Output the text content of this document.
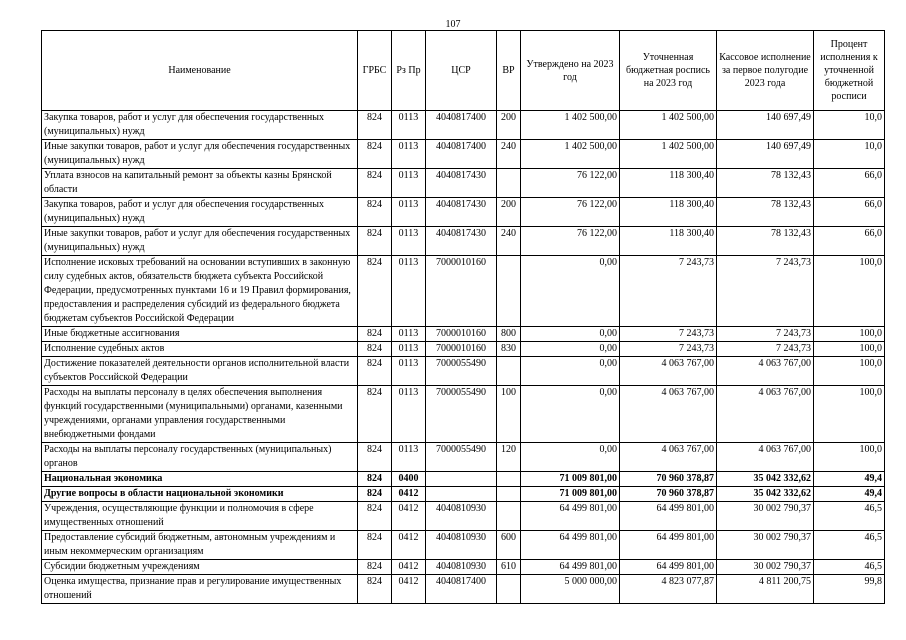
107
Наименование	ГРБС	Рз Пр	ЦСР	ВР	Утверждено на 2023 год	Уточненная бюджетная роспись на 2023 год	Кассовое исполнение за первое полугодие 2023 года	Процент исполнения к уточненной бюджетной росписи
Закупка товаров, работ и услуг для обеспечения государственных (муниципальных) нужд	824	0113	4040817400	200	1 402 500,00	1 402 500,00	140 697,49	10,0
Иные закупки товаров, работ и услуг для обеспечения государственных (муниципальных) нужд	824	0113	4040817400	240	1 402 500,00	1 402 500,00	140 697,49	10,0
Уплата взносов на капитальный ремонт за объекты казны Брянской области	824	0113	4040817430		76 122,00	118 300,40	78 132,43	66,0
Закупка товаров, работ и услуг для обеспечения государственных (муниципальных) нужд	824	0113	4040817430	200	76 122,00	118 300,40	78 132,43	66,0
Иные закупки товаров, работ и услуг для обеспечения государственных (муниципальных) нужд	824	0113	4040817430	240	76 122,00	118 300,40	78 132,43	66,0
Исполнение исковых требований на основании вступивших в законную силу судебных актов, обязательств бюджета субъекта Российской Федерации, предусмотренных пунктами 16 и 19 Правил формирования, предоставления и распределения субсидий из федерального бюджета бюджетам субъектов Российской Федерации	824	0113	7000010160		0,00	7 243,73	7 243,73	100,0
Иные бюджетные ассигнования	824	0113	7000010160	800	0,00	7 243,73	7 243,73	100,0
Исполнение судебных актов	824	0113	7000010160	830	0,00	7 243,73	7 243,73	100,0
Достижение показателей деятельности органов исполнительной власти субъектов Российской Федерации	824	0113	7000055490		0,00	4 063 767,00	4 063 767,00	100,0
Расходы на выплаты персоналу в целях обеспечения выполнения функций государственными (муниципальными) органами, казенными учреждениями, органами управления государственными внебюджетными фондами	824	0113	7000055490	100	0,00	4 063 767,00	4 063 767,00	100,0
Расходы на выплаты персоналу государственных (муниципальных) органов	824	0113	7000055490	120	0,00	4 063 767,00	4 063 767,00	100,0
Национальная экономика	824	0400			71 009 801,00	70 960 378,87	35 042 332,62	49,4
Другие вопросы в области национальной экономики	824	0412			71 009 801,00	70 960 378,87	35 042 332,62	49,4
Учреждения, осуществляющие функции и полномочия в сфере имущественных отношений	824	0412	4040810930		64 499 801,00	64 499 801,00	30 002 790,37	46,5
Предоставление субсидий бюджетным, автономным учреждениям и иным некоммерческим организациям	824	0412	4040810930	600	64 499 801,00	64 499 801,00	30 002 790,37	46,5
Субсидии бюджетным учреждениям	824	0412	4040810930	610	64 499 801,00	64 499 801,00	30 002 790,37	46,5
Оценка имущества, признание прав и регулирование имущественных отношений	824	0412	4040817400		5 000 000,00	4 823 077,87	4 811 200,75	99,8
